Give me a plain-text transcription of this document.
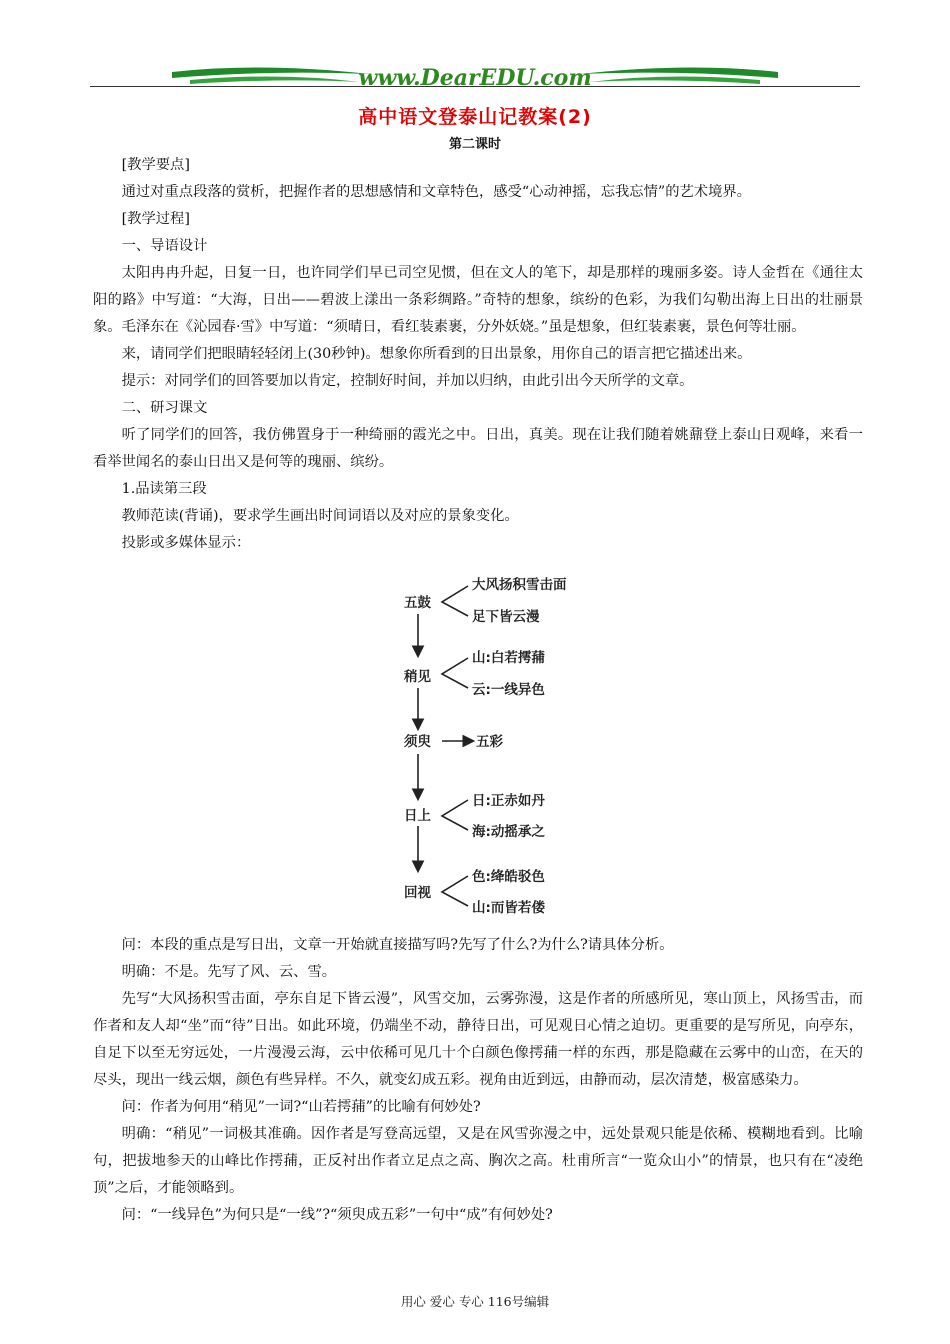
www.DearEDU.com
高中语文登泰山记教案(2)
第二课时

[教学要点]

通过对重点段落的赏析，把握作者的思想感情和文章特色，感受“心动神摇，忘我忘情”的艺术境界。

[教学过程]

一、导语设计

太阳冉冉升起，日复一日，也许同学们早已司空见惯，但在文人的笔下，却是那样的瑰丽多姿。诗人金哲在《通往太阳的路》中写道：“大海，日出——碧波上漾出一条彩绸路。”奇特的想象，缤纷的色彩，为我们勾勒出海上日出的壮丽景象。毛泽东在《沁园春·雪》中写道：“须晴日，看红装素裹，分外妖娆。”虽是想象，但红装素裹，景色何等壮丽。

来，请同学们把眼睛轻轻闭上(30秒钟)。想象你所看到的日出景象，用你自己的语言把它描述出来。

提示：对同学们的回答要加以肯定，控制好时间，并加以归纳，由此引出今天所学的文章。

二、研习课文

听了同学们的回答，我仿佛置身于一种绮丽的霞光之中。日出，真美。现在让我们随着姚鼐登上泰山日观峰，来看一看举世闻名的泰山日出又是何等的瑰丽、缤纷。

1.品读第三段

教师范读(背诵)，要求学生画出时间词语以及对应的景象变化。

投影或多媒体显示：

五鼓
稍见
须臾
日上
回视
大风扬积雪击面
足下皆云漫
山:白若摴蒱
云:一线异色
五彩
日:正赤如丹
海:动摇承之
色:绛皓驳色
山:而皆若偻

问：本段的重点是写日出，文章一开始就直接描写吗?先写了什么?为什么?请具体分析。

明确：不是。先写了风、云、雪。

先写“大风扬积雪击面，亭东自足下皆云漫”，风雪交加，云雾弥漫，这是作者的所感所见，寒山顶上，风扬雪击，而作者和友人却“坐”而“待”日出。如此环境，仍端坐不动，静待日出，可见观日心情之迫切。更重要的是写所见，向亭东，自足下以至无穷远处，一片漫漫云海，云中依稀可见几十个白颜色像摴蒱一样的东西，那是隐藏在云雾中的山峦，在天的尽头，现出一线云烟，颜色有些异样。不久，就变幻成五彩。视角由近到远，由静而动，层次清楚，极富感染力。

问：作者为何用“稍见”一词?“山若摴蒱”的比喻有何妙处?

明确：“稍见”一词极其准确。因作者是写登高远望，又是在风雪弥漫之中，远处景观只能是依稀、模糊地看到。比喻句，把拔地参天的山峰比作摴蒱，正反衬出作者立足点之高、胸次之高。杜甫所言“一览众山小”的情景，也只有在“凌绝顶”之后，才能领略到。

问：“一线异色”为何只是“一线”?“须臾成五彩”一句中“成”有何妙处?

用心 爱心 专心 116号编辑
